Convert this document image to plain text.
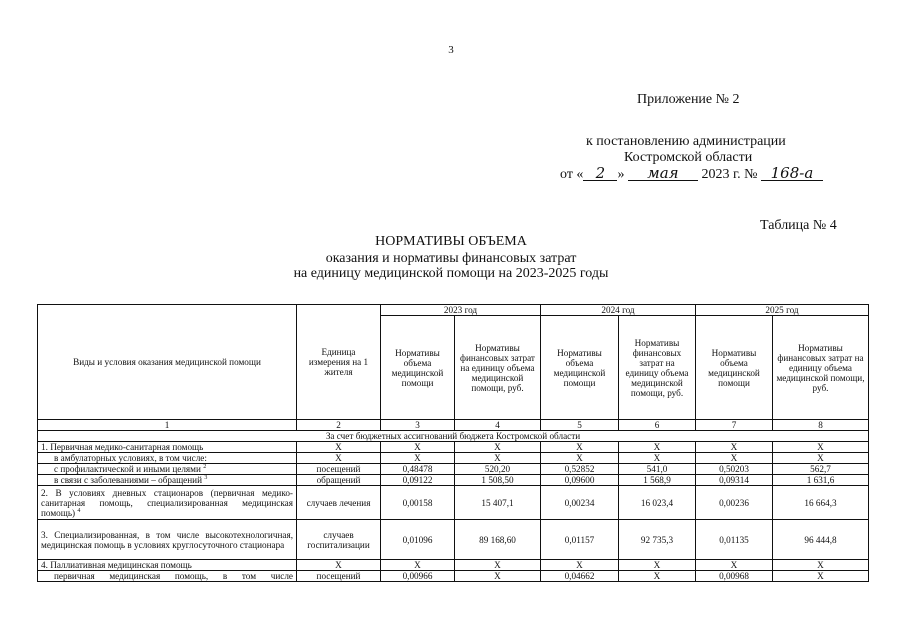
3
Приложение № 2
к постановлению администрации
Костромской области
от « 2 » мая 2023 г. № 168-а
Таблица № 4
НОРМАТИВЫ ОБЪЕМА
оказания и нормативы финансовых затрат
на единицу медицинской помощи на 2023-2025 годы
Виды и условия оказания медицинской помощи	Единица измерения на 1 жителя	2023 год		2024 год		2025 год	
		Нормативы объема медицинской помощи	Нормативы финансовых затрат на единицу объема медицинской помощи, руб.	Нормативы объема медицинской помощи	Нормативы финансовых затрат на единицу объема медицинской помощи, руб.	Нормативы объема медицинской помощи	Нормативы финансовых затрат на единицу объема медицинской помощи, руб.
1	2	3	4	5	6	7	8
За счет бюджетных ассигнований бюджета Костромской области							
1. Первичная медико-санитарная помощь	X	X	X	X	X	X	X
в амбулаторных условиях, в том числе:	X	X	X	X	X	X	X
с профилактической и иными целями $^2$	посещений	0,48478	520,20	0,52852	541,0	0,50203	562,7
в связи с заболеваниями – обращений $^3$	обращений	0,09122	1 508,50	0,09600	1 568,9	0,09314	1 631,6
2. В условиях дневных стационаров (первичная медико-санитарная помощь, специализированная медицинская помощь) $^4$	случаев лечения	0,00158	15 407,1	0,00234	16 023,4	0,00236	16 664,3
3. Специализированная, в том числе высокотехнологичная, медицинская помощь в условиях круглосуточного стационара	случаев госпитализации	0,01096	89 168,60	0,01157	92 735,3	0,01135	96 444,8
4. Паллиативная медицинская помощь	X	X	X	X	X	X	X
первичная медицинская помощь, в том числе	посещений	0,00966	X	0,04662	X	0,00968	X
